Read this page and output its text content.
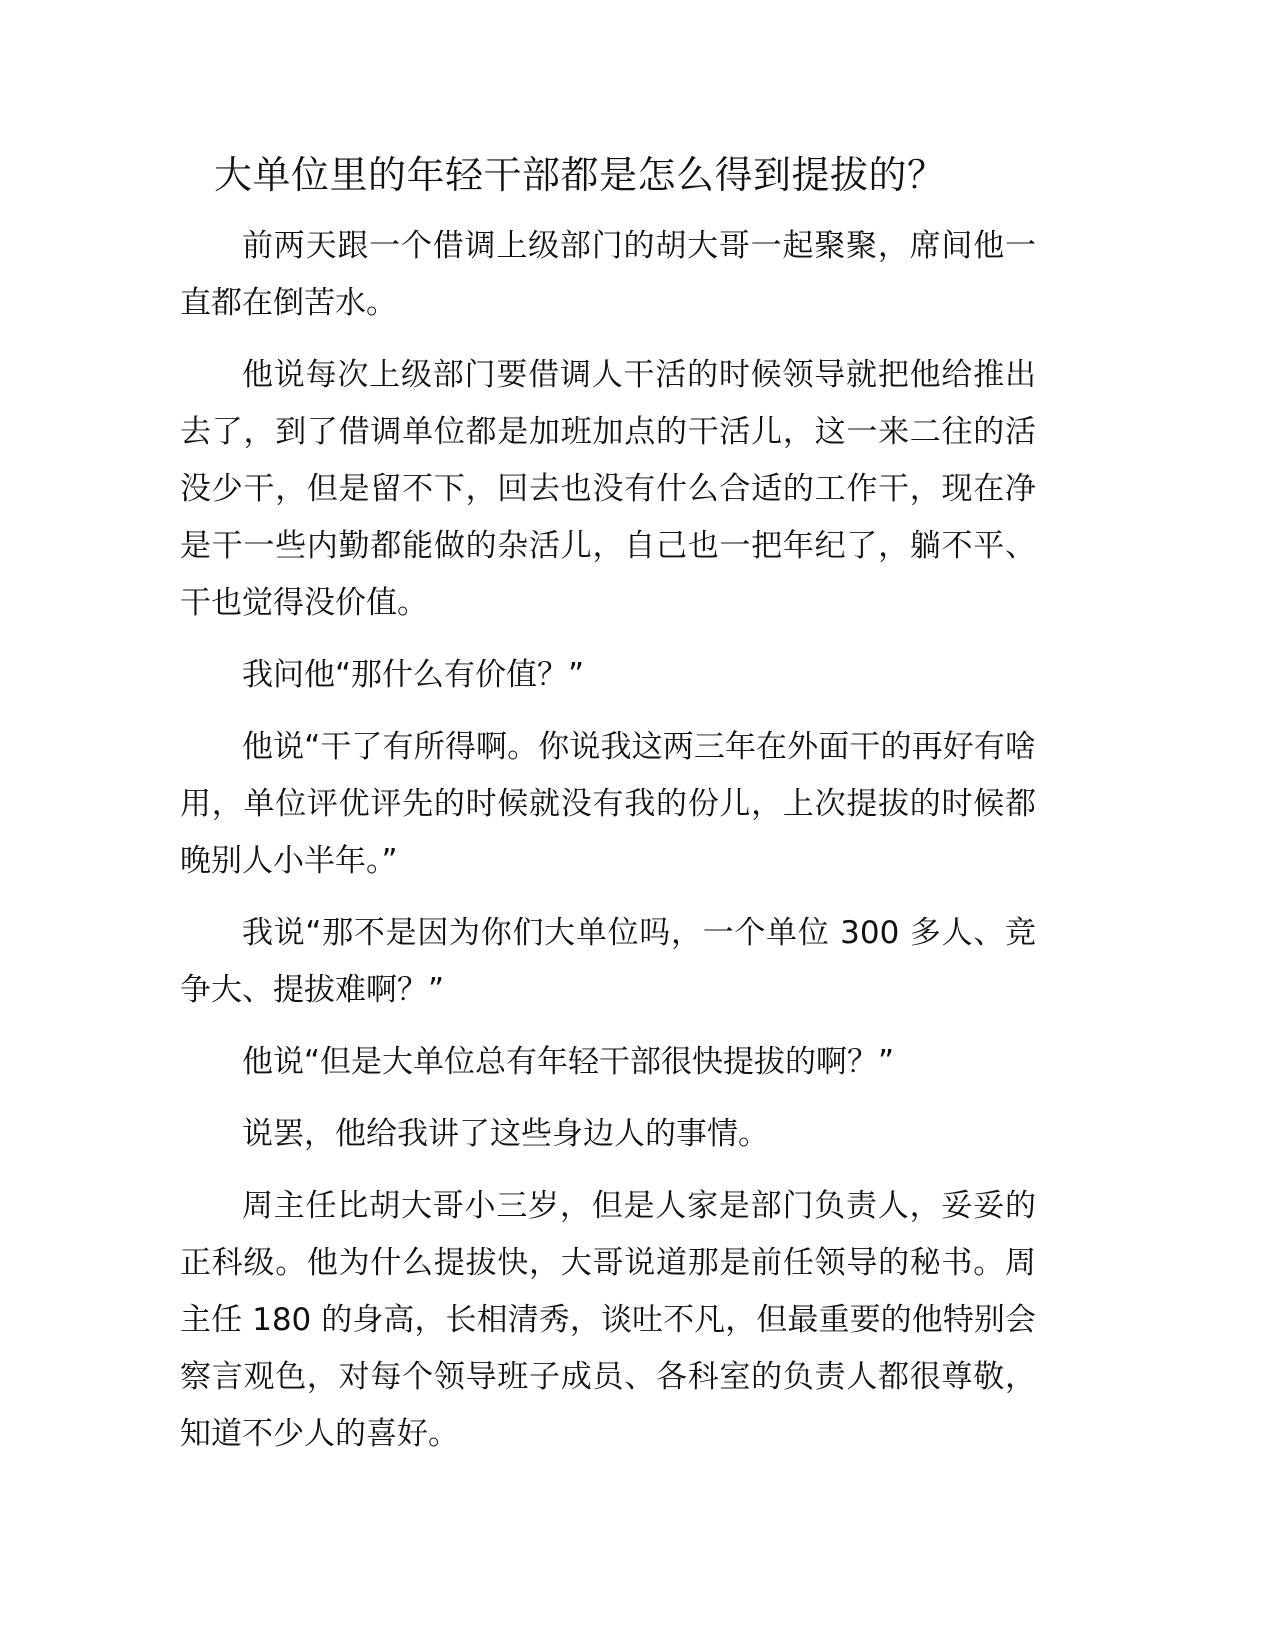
大单位里的年轻干部都是怎么得到提拔的？

前两天跟一个借调上级部门的胡大哥一起聚聚，席间他一直都在倒苦水。

他说每次上级部门要借调人干活的时候领导就把他给推出去了，到了借调单位都是加班加点的干活儿，这一来二往的活没少干，但是留不下，回去也没有什么合适的工作干，现在净是干一些内勤都能做的杂活儿，自己也一把年纪了，躺不平、干也觉得没价值。

我问他“那什么有价值？”

他说“干了有所得啊。你说我这两三年在外面干的再好有啥用，单位评优评先的时候就没有我的份儿，上次提拔的时候都晚别人小半年。”

我说“那不是因为你们大单位吗，一个单位 300 多人、竞争大、提拔难啊？”

他说“但是大单位总有年轻干部很快提拔的啊？”

说罢，他给我讲了这些身边人的事情。

周主任比胡大哥小三岁，但是人家是部门负责人，妥妥的正科级。他为什么提拔快，大哥说道那是前任领导的秘书。周主任 180 的身高，长相清秀，谈吐不凡，但最重要的他特别会察言观色，对每个领导班子成员、各科室的负责人都很尊敬，知道不少人的喜好。
